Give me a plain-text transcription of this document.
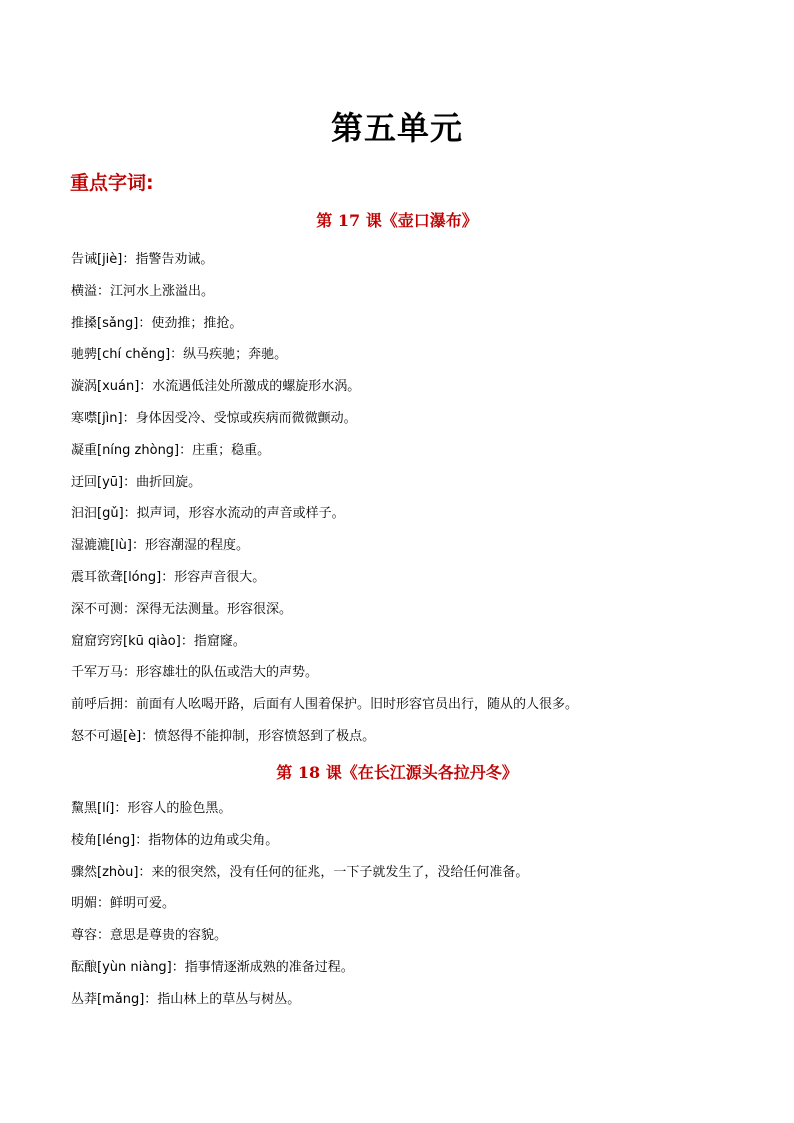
第五单元
重点字词:
第 17 课《壶口瀑布》
告诫[jiè]：指警告劝诫。
横溢：江河水上涨溢出。
推搡[sǎng]：使劲推；推抢。
驰骋[chí chěng]：纵马疾驰；奔驰。
漩涡[xuán]：水流遇低洼处所激成的螺旋形水涡。
寒噤[jìn]：身体因受冷、受惊或疾病而微微颤动。
凝重[níng zhòng]：庄重；稳重。
迂回[yū]：曲折回旋。
汩汩[gǔ]：拟声词，形容水流动的声音或样子。
湿漉漉[lù]：形容潮湿的程度。
震耳欲聋[lóng]：形容声音很大。
深不可测：深得无法测量。形容很深。
窟窟窍窍[kū qiào]：指窟窿。
千军万马：形容雄壮的队伍或浩大的声势。
前呼后拥：前面有人吆喝开路，后面有人围着保护。旧时形容官员出行，随从的人很多。
怒不可遏[è]：愤怒得不能抑制，形容愤怒到了极点。
第 18 课《在长江源头各拉丹冬》
黧黑[lí]：形容人的脸色黑。
棱角[léng]：指物体的边角或尖角。
骤然[zhòu]：来的很突然，没有任何的征兆，一下子就发生了，没给任何准备。
明媚：鲜明可爱。
尊容：意思是尊贵的容貌。
酝酿[yùn niàng]：指事情逐渐成熟的准备过程。
丛莽[mǎng]：指山林上的草丛与树丛。
